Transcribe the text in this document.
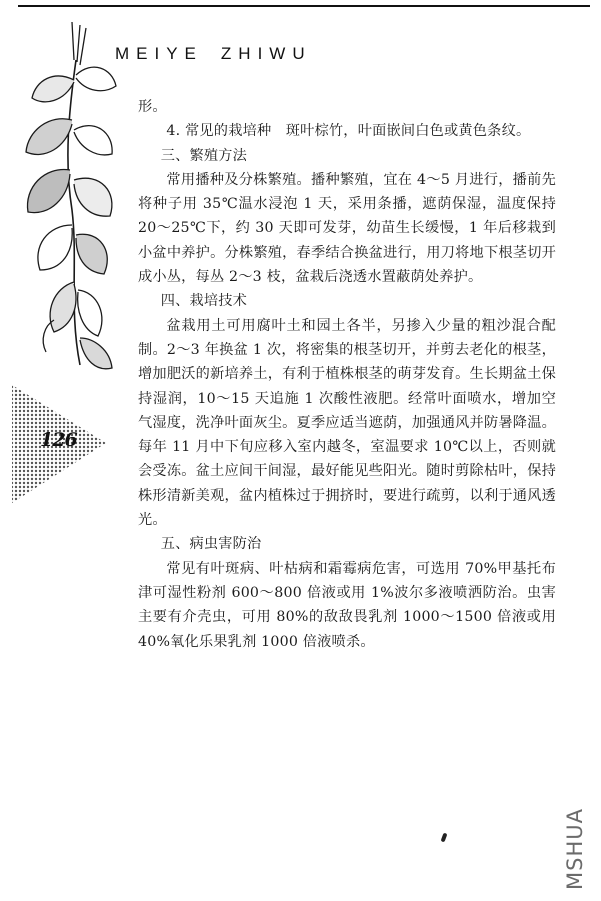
MEIYE ZHIWU
126

形。

4. 常见的栽培种　斑叶棕竹，叶面嵌间白色或黄色条纹。

三、繁殖方法

常用播种及分株繁殖。播种繁殖，宜在 4～5 月进行，播前先将种子用 35℃温水浸泡 1 天，采用条播，遮荫保湿，温度保持 20～25℃下，约 30 天即可发芽，幼苗生长缓慢，1 年后移栽到小盆中养护。分株繁殖，春季结合换盆进行，用刀将地下根茎切开成小丛，每丛 2～3 枝，盆栽后浇透水置蔽荫处养护。

四、栽培技术

盆栽用土可用腐叶土和园土各半，另掺入少量的粗沙混合配制。2～3 年换盆 1 次，将密集的根茎切开，并剪去老化的根茎，增加肥沃的新培养土，有利于植株根茎的萌芽发育。生长期盆土保持湿润，10～15 天追施 1 次酸性液肥。经常叶面喷水，增加空气湿度，洗净叶面灰尘。夏季应适当遮荫，加强通风并防暑降温。每年 11 月中下旬应移入室内越冬，室温要求 10℃以上，否则就会受冻。盆土应间干间湿，最好能见些阳光。随时剪除枯叶，保持株形清新美观，盆内植株过于拥挤时，要进行疏剪，以利于通风透光。

五、病虫害防治

常见有叶斑病、叶枯病和霜霉病危害，可选用 70%甲基托布津可湿性粉剂 600～800 倍液或用 1%波尔多液喷洒防治。虫害主要有介壳虫，可用 80%的敌敌畏乳剂 1000～1500 倍液或用 40%氧化乐果乳剂 1000 倍液喷杀。

MSHUA
